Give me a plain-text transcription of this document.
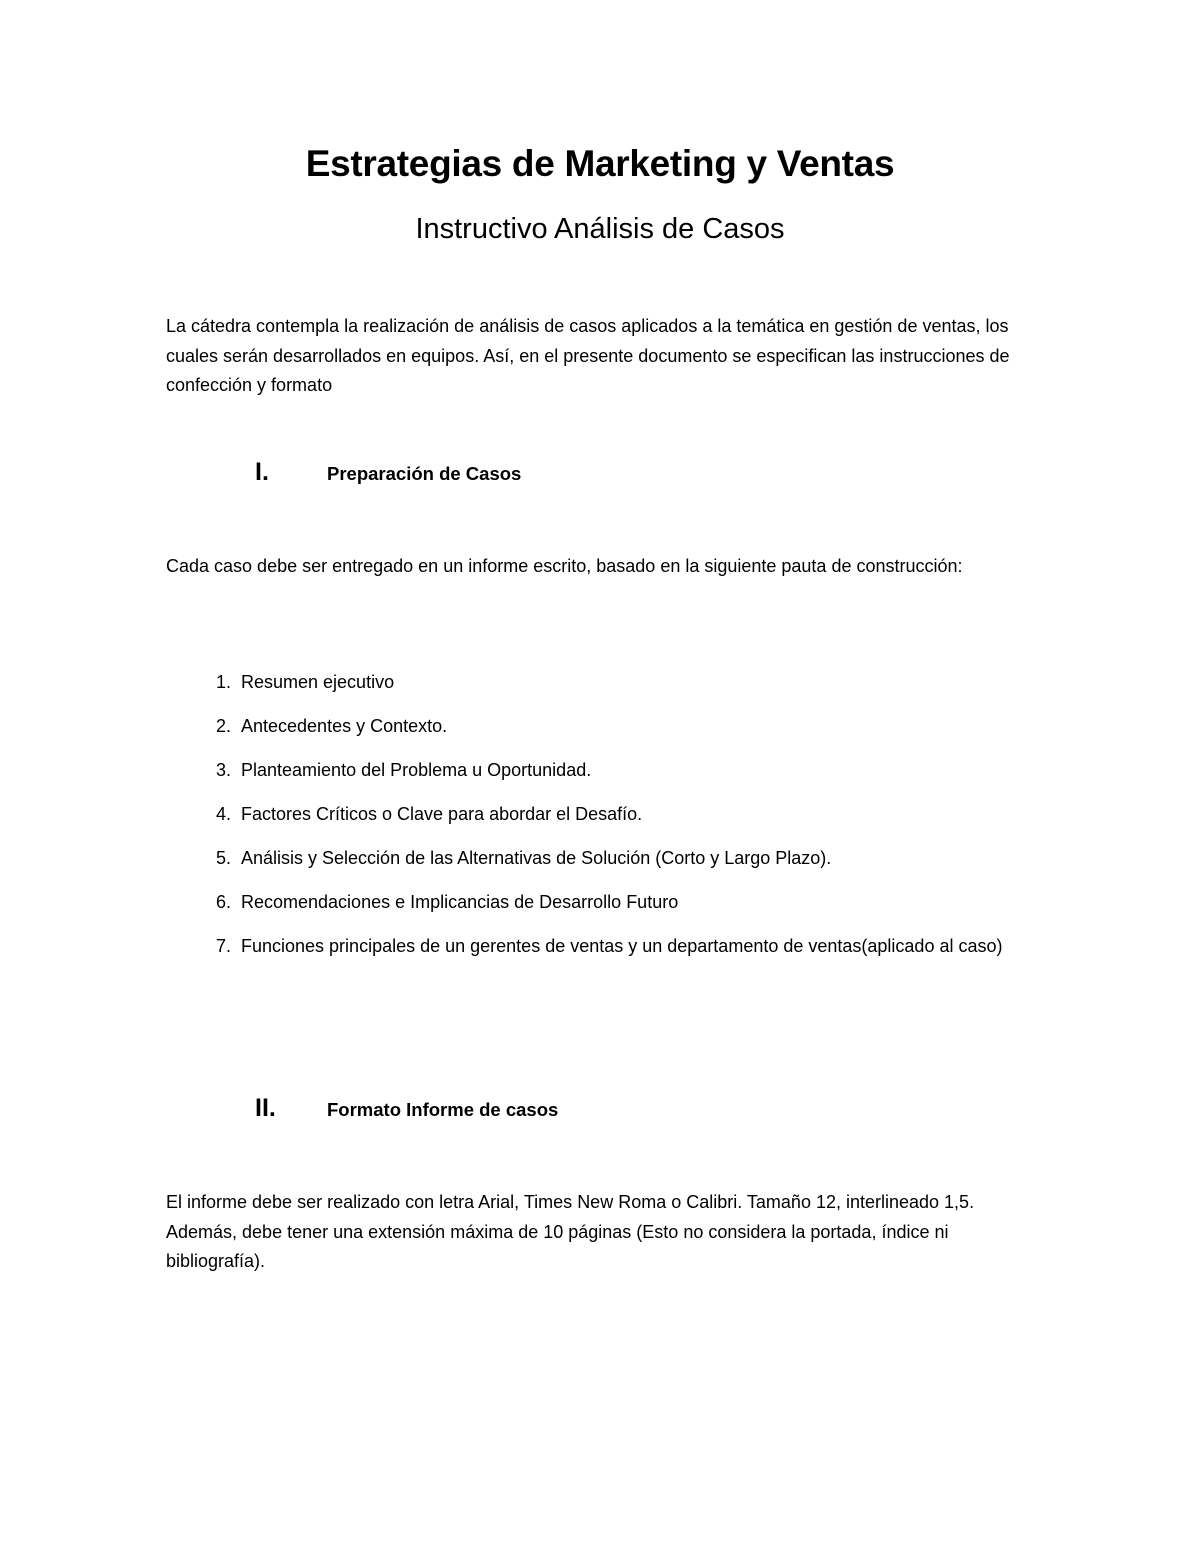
Estrategias de Marketing y Ventas
Instructivo Análisis de Casos

La cátedra contempla la realización de análisis de casos aplicados a la temática en gestión de ventas, los cuales serán desarrollados en equipos. Así, en el presente documento se especifican las instrucciones de confección y formato

I.	Preparación de Casos

Cada caso debe ser entregado en un informe escrito, basado en la siguiente pauta de construcción:

1. Resumen ejecutivo
2. Antecedentes y Contexto.
3. Planteamiento del Problema u Oportunidad.
4. Factores Críticos o Clave para abordar el Desafío.
5. Análisis y Selección de las Alternativas de Solución (Corto y Largo Plazo).
6. Recomendaciones e Implicancias de Desarrollo Futuro
7. Funciones principales de un gerentes de ventas y un departamento de ventas(aplicado al caso)
II.	Formato Informe de casos

El informe debe ser realizado con letra Arial, Times New Roma o Calibri. Tamaño 12, interlineado 1,5. Además, debe tener una extensión máxima de 10 páginas (Esto no considera la portada, índice ni bibliografía).
